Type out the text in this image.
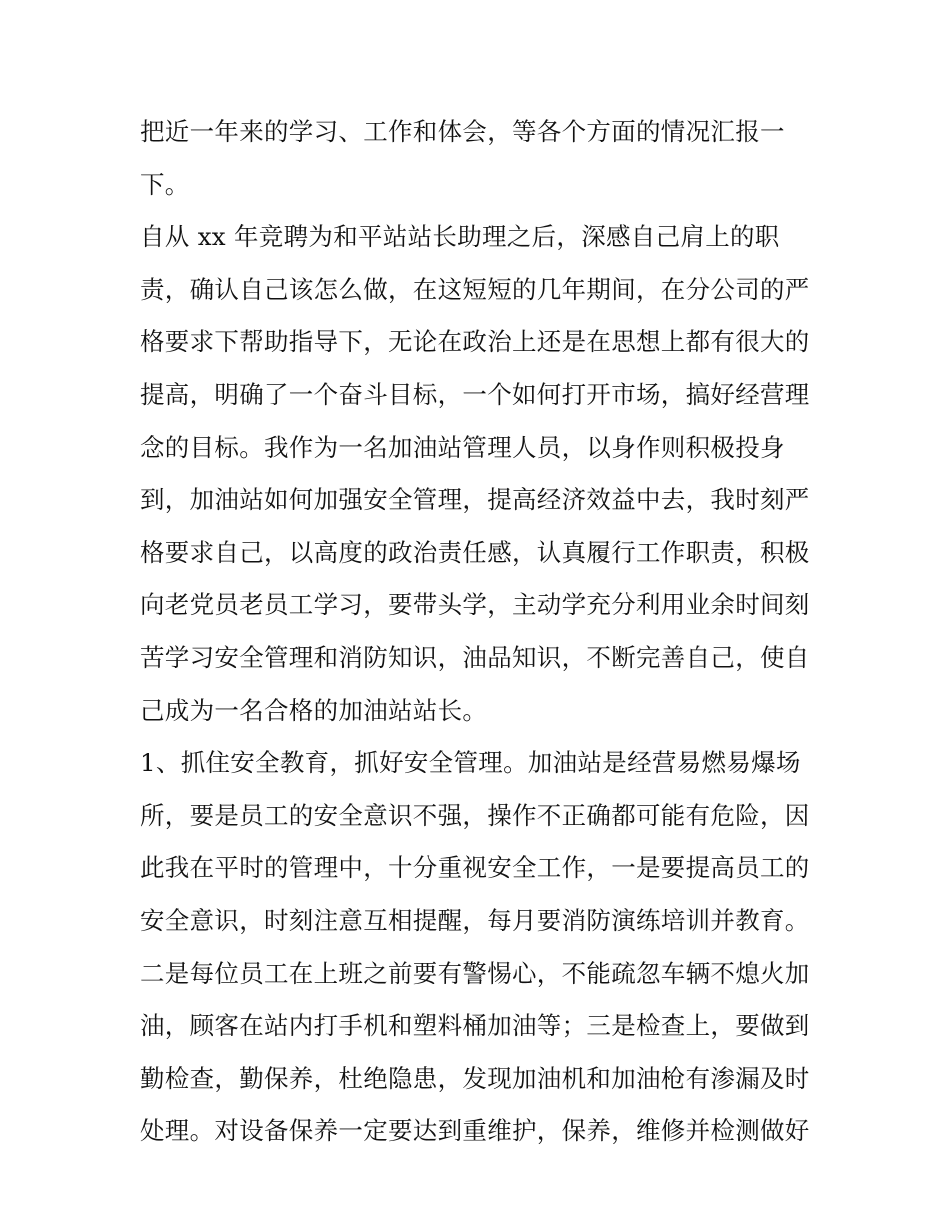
把近一年来的学习、工作和体会，等各个方面的情况汇报一
下。
自从 xx 年竞聘为和平站站长助理之后，深感自己肩上的职
责，确认自己该怎么做，在这短短的几年期间，在分公司的严
格要求下帮助指导下，无论在政治上还是在思想上都有很大的
提高，明确了一个奋斗目标，一个如何打开市场，搞好经营理
念的目标。我作为一名加油站管理人员，以身作则积极投身
到，加油站如何加强安全管理，提高经济效益中去，我时刻严
格要求自己，以高度的政治责任感，认真履行工作职责，积极
向老党员老员工学习，要带头学，主动学充分利用业余时间刻
苦学习安全管理和消防知识，油品知识，不断完善自己，使自
己成为一名合格的加油站站长。
1、抓住安全教育，抓好安全管理。加油站是经营易燃易爆场
所，要是员工的安全意识不强，操作不正确都可能有危险，因
此我在平时的管理中，十分重视安全工作，一是要提高员工的
安全意识，时刻注意互相提醒，每月要消防演练培训并教育。
二是每位员工在上班之前要有警惕心，不能疏忽车辆不熄火加
油，顾客在站内打手机和塑料桶加油等；三是检查上，要做到
勤检查，勤保养，杜绝隐患，发现加油机和加油枪有渗漏及时
处理。对设备保养一定要达到重维护，保养，维修并检测做好
